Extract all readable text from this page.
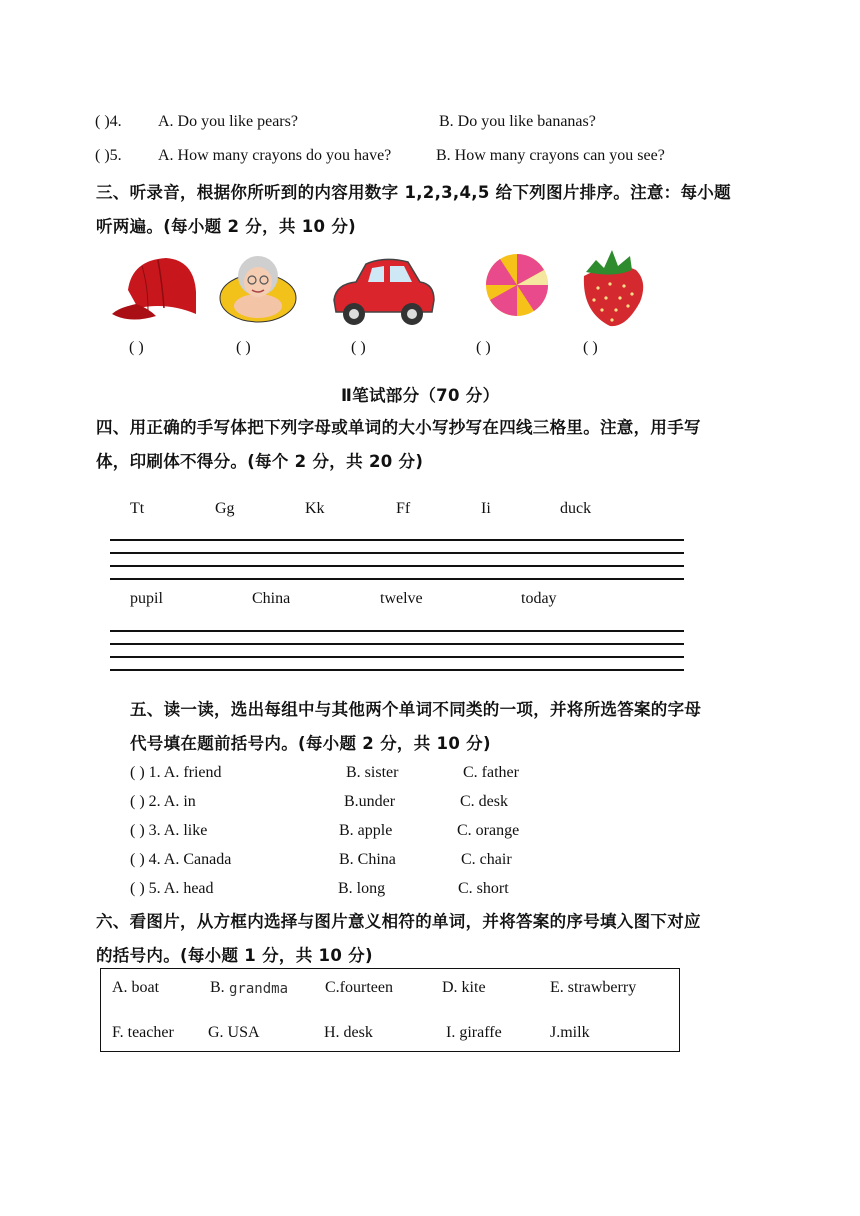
( )4. A. Do you like pears?	B. Do you like bananas?
( )5. A. How many crayons do you have?	B. How many crayons can you see?
三、听录音，根据你所听到的内容用数字 1,2,3,4,5 给下列图片排序。注意：每小题
听两遍。(每小题 2 分，共 10 分)
( )	( )	( )	( )	( )
Ⅱ笔试部分（70 分）
四、用正确的手写体把下列字母或单词的大小写抄写在四线三格里。注意，用手写
体，印刷体不得分。(每个 2 分，共 20 分)
Tt	Gg	Kk	Ff	Ii	duck
pupil	China	twelve	today
五、读一读，选出每组中与其他两个单词不同类的一项，并将所选答案的字母
代号填在题前括号内。(每小题 2 分，共 10 分)
( ) 1. A. friend	B. sister	C. father
( ) 2. A. in	B.under	C. desk
( ) 3. A. like	B. apple	C. orange
( ) 4. A. Canada	B. China	C. chair
( ) 5. A. head	B. long	C. short
六、看图片，从方框内选择与图片意义相符的单词，并将答案的序号填入图下对应
的括号内。(每小题 1 分，共 10 分)
A. boat	B. grandma C.fourteen	D. kite	E. strawberry
F. teacher G. USA	H. desk	I. giraffe	J.milk
